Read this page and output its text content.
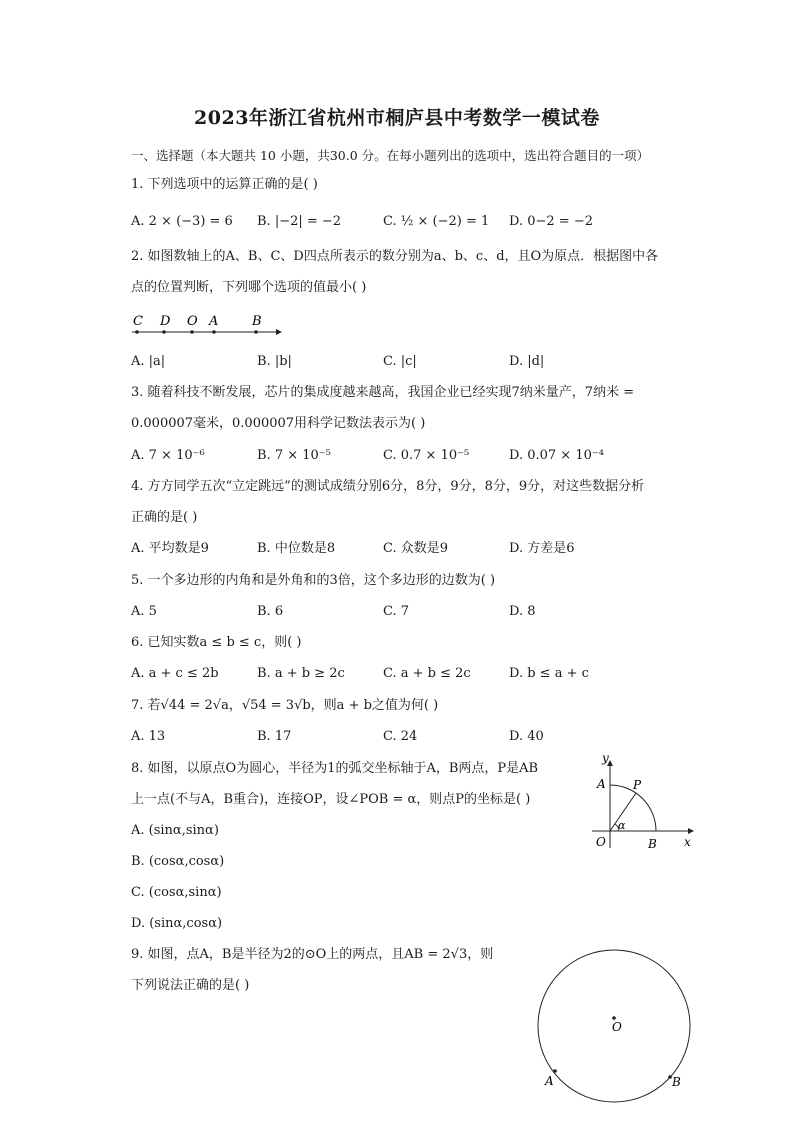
2023年浙江省杭州市桐庐县中考数学一模试卷
一、选择题（本大题共 10 小题，共30.0 分。在每小题列出的选项中，选出符合题目的一项）
1. 下列选项中的运算正确的是( )
A. 2 × (−3) = 6 B. |−2| = −2	C. ½ × (−2) = 1 D. 0−2 = −2
2. 如图数轴上的A、B、C、D四点所表示的数分别为a、b、c、d，且O为原点．根据图中各
点的位置判断，下列哪个选项的值最小( )
C D O A	B
A. |a|	B. |b|	C. |c|	D. |d|
3. 随着科技不断发展，芯片的集成度越来越高，我国企业已经实现7纳米量产，7纳米 =
0.000007毫米，0.000007用科学记数法表示为( )
A. 7 × 10⁻⁶	B. 7 × 10⁻⁵	C. 0.7 × 10⁻⁵	D. 0.07 × 10⁻⁴
4. 方方同学五次“立定跳远”的测试成绩分别6分，8分，9分，8分，9分，对这些数据分析
正确的是( )
A. 平均数是9	B. 中位数是8	C. 众数是9	D. 方差是6
5. 一个多边形的内角和是外角和的3倍，这个多边形的边数为( )
A. 5	B. 6	C. 7	D. 8
6. 已知实数a ≤ b ≤ c，则( )
A. a + c ≤ 2b	B. a + b ≥ 2c	C. a + b ≤ 2c	D. b ≤ a + c
7. 若√44 = 2√a，√54 = 3√b，则a + b之值为何( )
A. 13	B. 17	C. 24	D. 40
8. 如图，以原点O为圆心，半径为1的弧交坐标轴于A，B两点，P是AB
上一点(不与A，B重合)，连接OP，设∠POB = α，则点P的坐标是( )
A. (sinα,sinα)
B. (cosα,cosα)
C. (cosα,sinα)
D. (sinα,cosα)
y
A P
α
O	B x
9. 如图，点A，B是半径为2的⊙O上的两点，且AB = 2√3，则
下列说法正确的是( )
O
A	B
